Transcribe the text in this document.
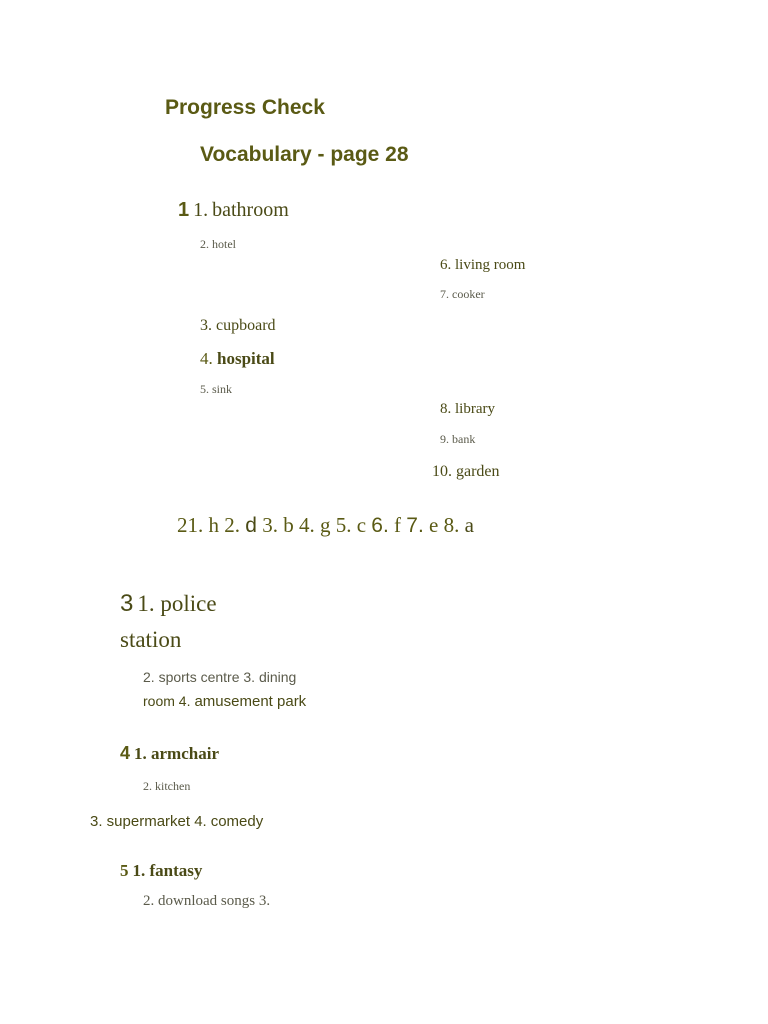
Progress Check
Vocabulary - page 28
1 1. bathroom
2. hotel
6. living room
7. cooker
3. cupboard
4. hospital
5. sink
8. library
9. bank
10. garden
21. h 2. d 3. b 4. g 5. c 6. f 7. e 8. a
3 1. police
station
2. sports centre 3. dining
room 4. amusement park
4 1. armchair
2. kitchen
3. supermarket 4. comedy
5 1. fantasy
2. download songs 3.
